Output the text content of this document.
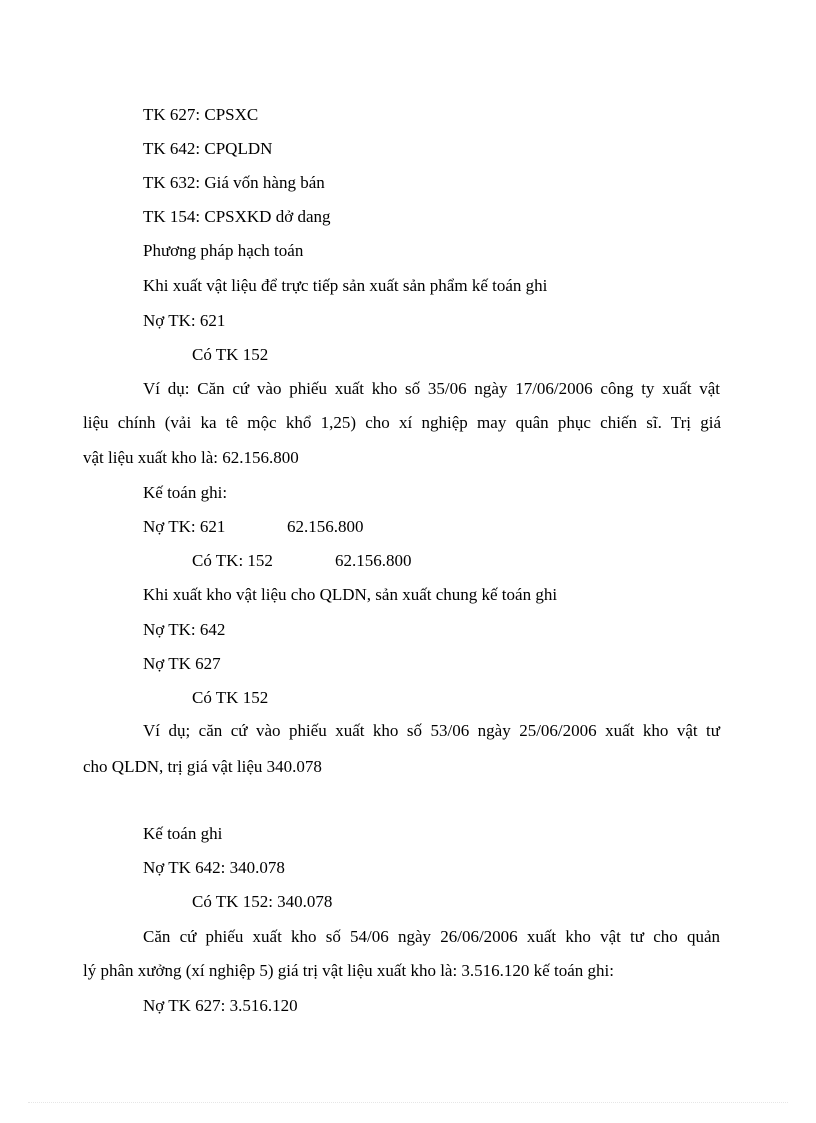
TK 627: CPSXC
TK 642: CPQLDN
TK 632: Giá vốn hàng bán
TK 154: CPSXKD dở dang
Phương pháp hạch toán
Khi xuất vật liệu để trực tiếp sản xuất sản phẩm kế toán ghi
Nợ TK: 621
Có TK 152
Ví dụ: Căn cứ vào phiếu xuất kho số 35/06 ngày 17/06/2006 công ty xuất vật
liệu chính (vải ka tê mộc khổ 1,25) cho xí nghiệp may quân phục chiến sĩ. Trị giá
vật liệu xuất kho là: 62.156.800
Kế toán ghi:
Nợ TK: 621	62.156.800
Có TK: 152	62.156.800
Khi xuất kho vật liệu cho QLDN, sản xuất chung kế toán ghi
Nợ TK: 642
Nợ TK 627
Có TK 152
Ví dụ; căn cứ vào phiếu xuất kho số 53/06 ngày 25/06/2006 xuất kho vật tư
cho QLDN, trị giá vật liệu 340.078
Kế toán ghi
Nợ TK 642: 340.078
Có TK 152: 340.078
Căn cứ phiếu xuất kho số 54/06 ngày 26/06/2006 xuất kho vật tư cho quản
lý phân xưởng (xí nghiệp 5) giá trị vật liệu xuất kho là: 3.516.120 kế toán ghi:
Nợ TK 627: 3.516.120
